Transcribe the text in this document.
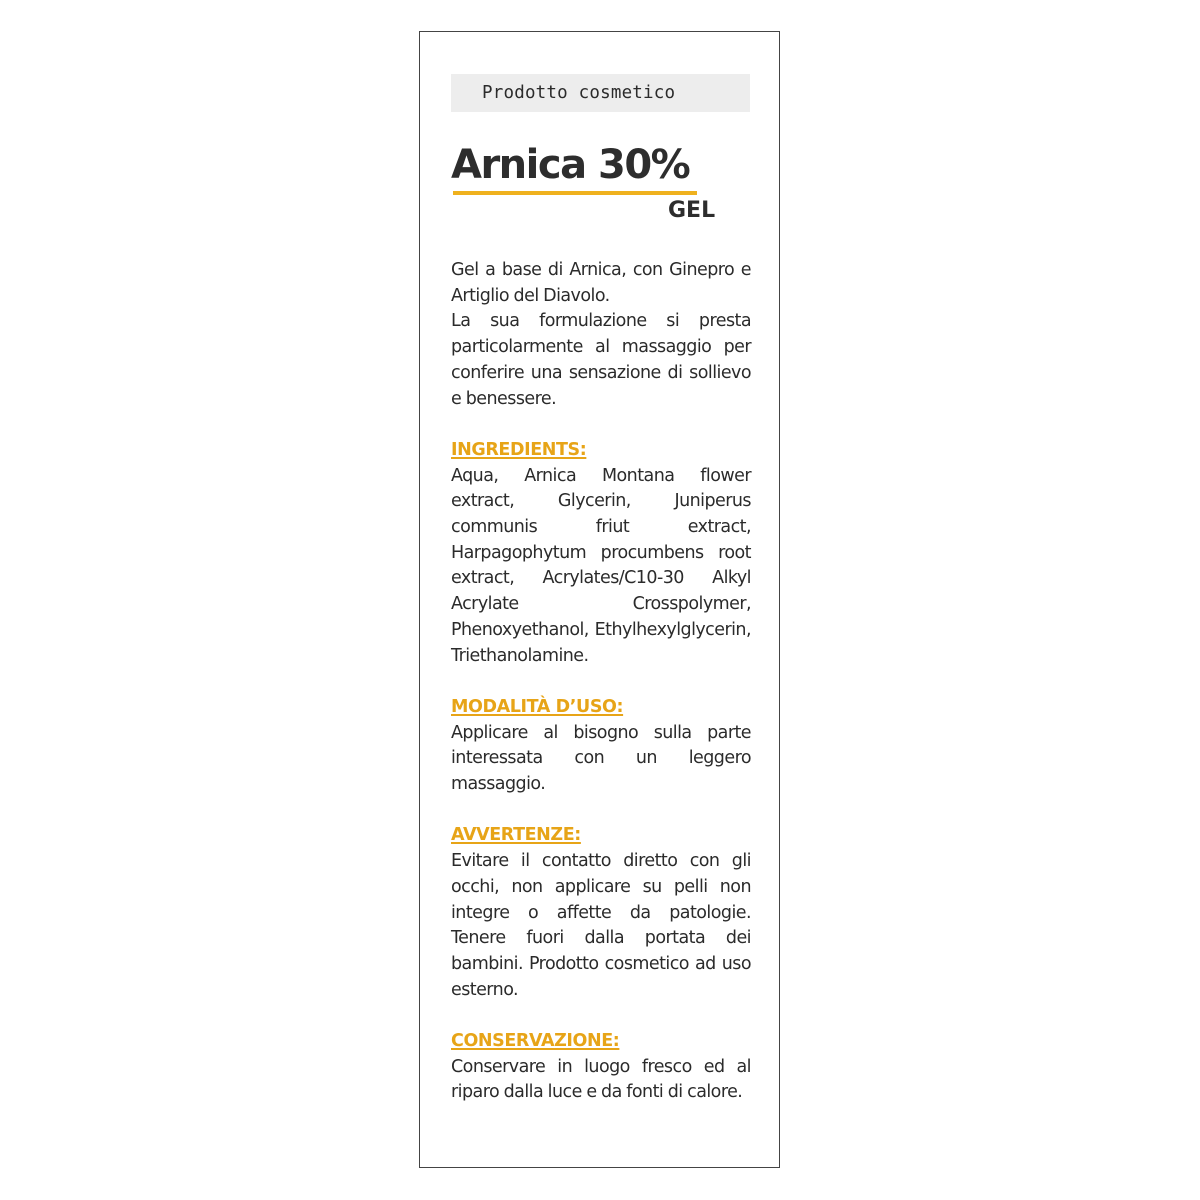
Prodotto cosmetico
Arnica 30%
GEL

Gel a base di Arnica, con Ginepro e Artiglio del Diavolo.

La sua formulazione si presta particolarmente al massaggio per conferire una sensazione di sollievo e benessere.

INGREDIENTS:

Aqua, Arnica Montana flower extract, Glycerin, Juniperus communis friut extract, Harpagophytum procumbens root extract, Acrylates/C10-30 Alkyl Acrylate Crosspolymer, Phenoxyethanol, Ethylhexylglycerin, Triethanolamine.

MODALITÀ D’USO:

Applicare al bisogno sulla parte interessata con un leggero massaggio.

AVVERTENZE:

Evitare il contatto diretto con gli occhi, non applicare su pelli non integre o affette da patologie. Tenere fuori dalla portata dei bambini. Prodotto cosmetico ad uso esterno.

CONSERVAZIONE:

Conservare in luogo fresco ed al riparo dalla luce e da fonti di calore.
